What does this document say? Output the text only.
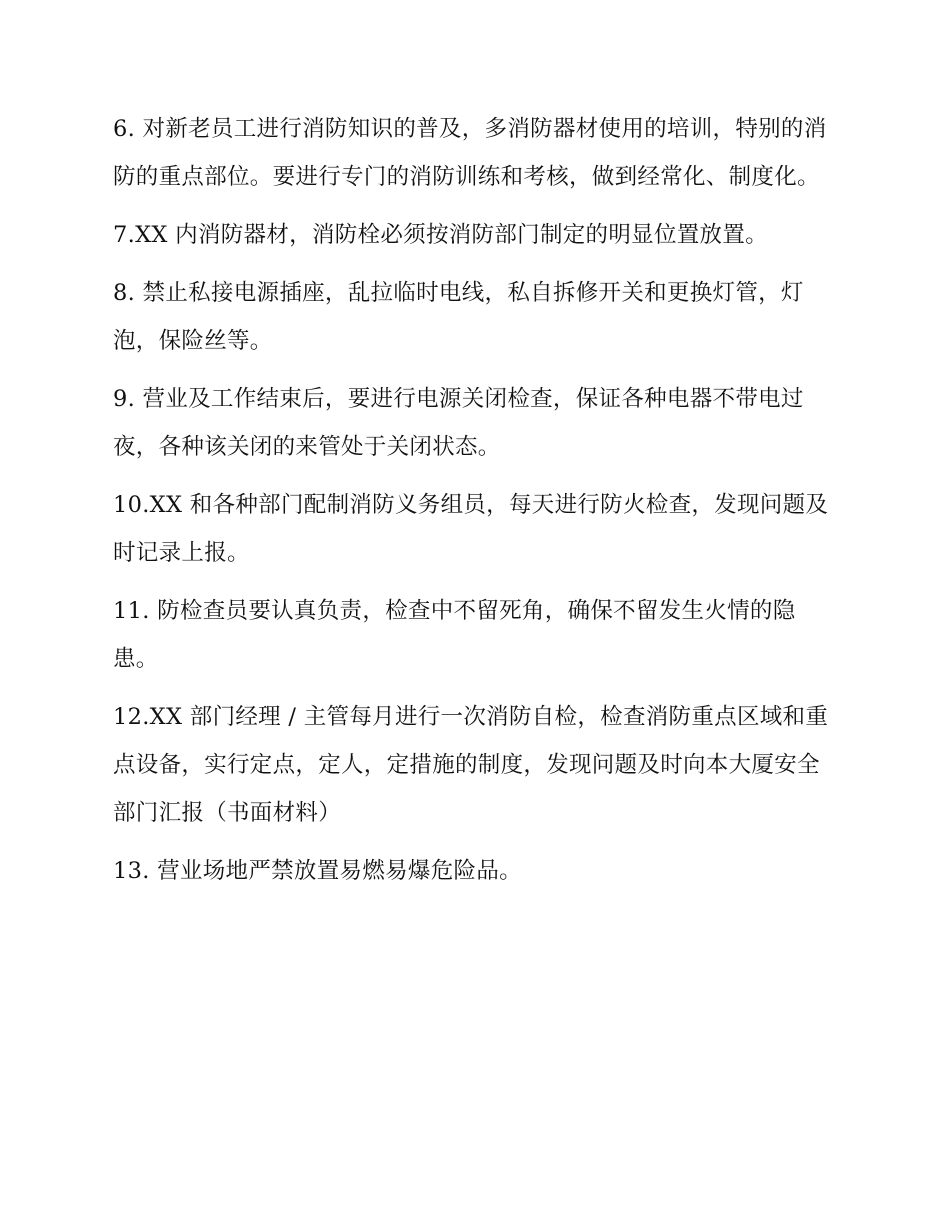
6. 对新老员工进行消防知识的普及，多消防器材使用的培训，特别的消防的重点部位。要进行专门的消防训练和考核，做到经常化、制度化。

7.XX 内消防器材，消防栓必须按消防部门制定的明显位置放置。

8. 禁止私接电源插座，乱拉临时电线，私自拆修开关和更换灯管，灯泡，保险丝等。

9. 营业及工作结束后，要进行电源关闭检查，保证各种电器不带电过夜，各种该关闭的来管处于关闭状态。

10.XX 和各种部门配制消防义务组员，每天进行防火检查，发现问题及时记录上报。

11. 防检查员要认真负责，检查中不留死角，确保不留发生火情的隐患。

12.XX 部门经理 / 主管每月进行一次消防自检，检查消防重点区域和重点设备，实行定点，定人，定措施的制度，发现问题及时向本大厦安全部门汇报（书面材料）

13. 营业场地严禁放置易燃易爆危险品。
